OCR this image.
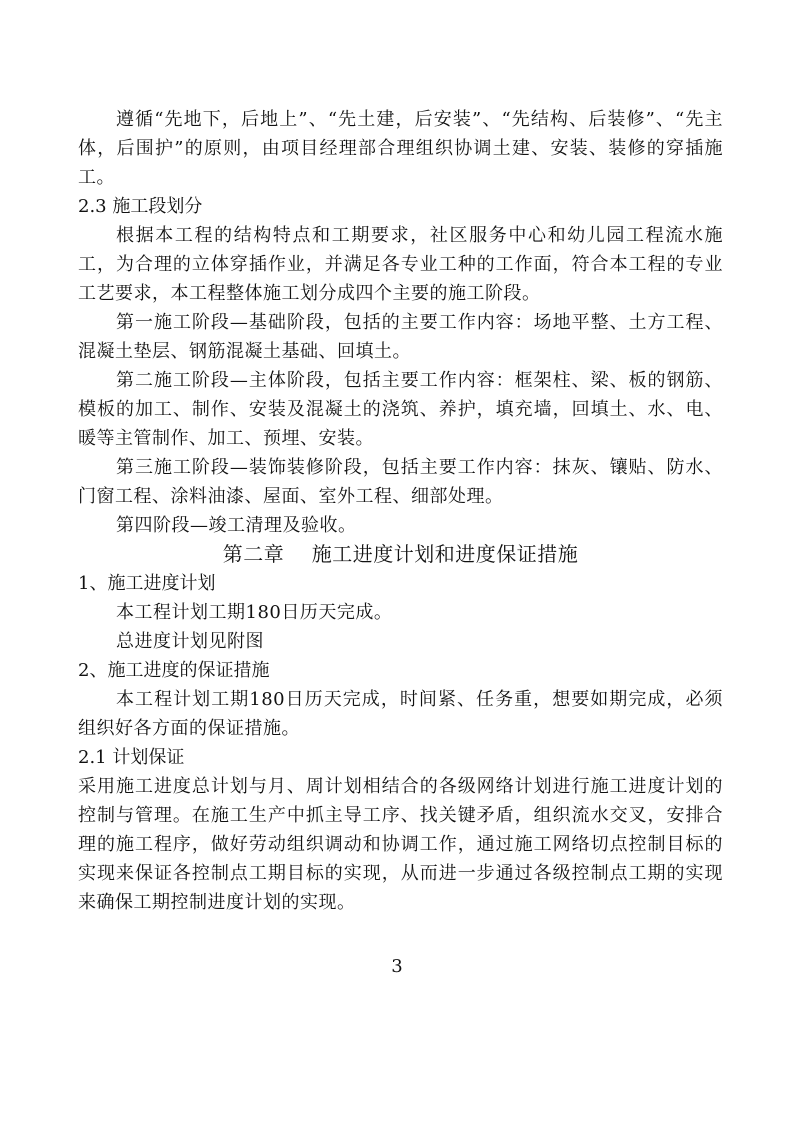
遵循“先地下，后地上”、“先土建，后安装”、“先结构、后装修”、“先主体，后围护”的原则，由项目经理部合理组织协调土建、安装、装修的穿插施工。

2.3 施工段划分

根据本工程的结构特点和工期要求，社区服务中心和幼儿园工程流水施工，为合理的立体穿插作业，并满足各专业工种的工作面，符合本工程的专业工艺要求，本工程整体施工划分成四个主要的施工阶段。

第一施工阶段—基础阶段，包括的主要工作内容：场地平整、土方工程、混凝土垫层、钢筋混凝土基础、回填土。

第二施工阶段—主体阶段，包括主要工作内容：框架柱、梁、板的钢筋、模板的加工、制作、安装及混凝土的浇筑、养护，填充墙，回填土、水、电、暖等主管制作、加工、预埋、安装。

第三施工阶段—装饰装修阶段，包括主要工作内容：抹灰、镶贴、防水、门窗工程、涂料油漆、屋面、室外工程、细部处理。

第四阶段—竣工清理及验收。

第二章    施工进度计划和进度保证措施

1、施工进度计划

本工程计划工期180日历天完成。

总进度计划见附图

2、施工进度的保证措施

本工程计划工期180日历天完成，时间紧、任务重，想要如期完成，必须组织好各方面的保证措施。

2.1 计划保证

采用施工进度总计划与月、周计划相结合的各级网络计划进行施工进度计划的控制与管理。在施工生产中抓主导工序、找关键矛盾，组织流水交叉，安排合理的施工程序，做好劳动组织调动和协调工作，通过施工网络切点控制目标的实现来保证各控制点工期目标的实现，从而进一步通过各级控制点工期的实现来确保工期控制进度计划的实现。

3
